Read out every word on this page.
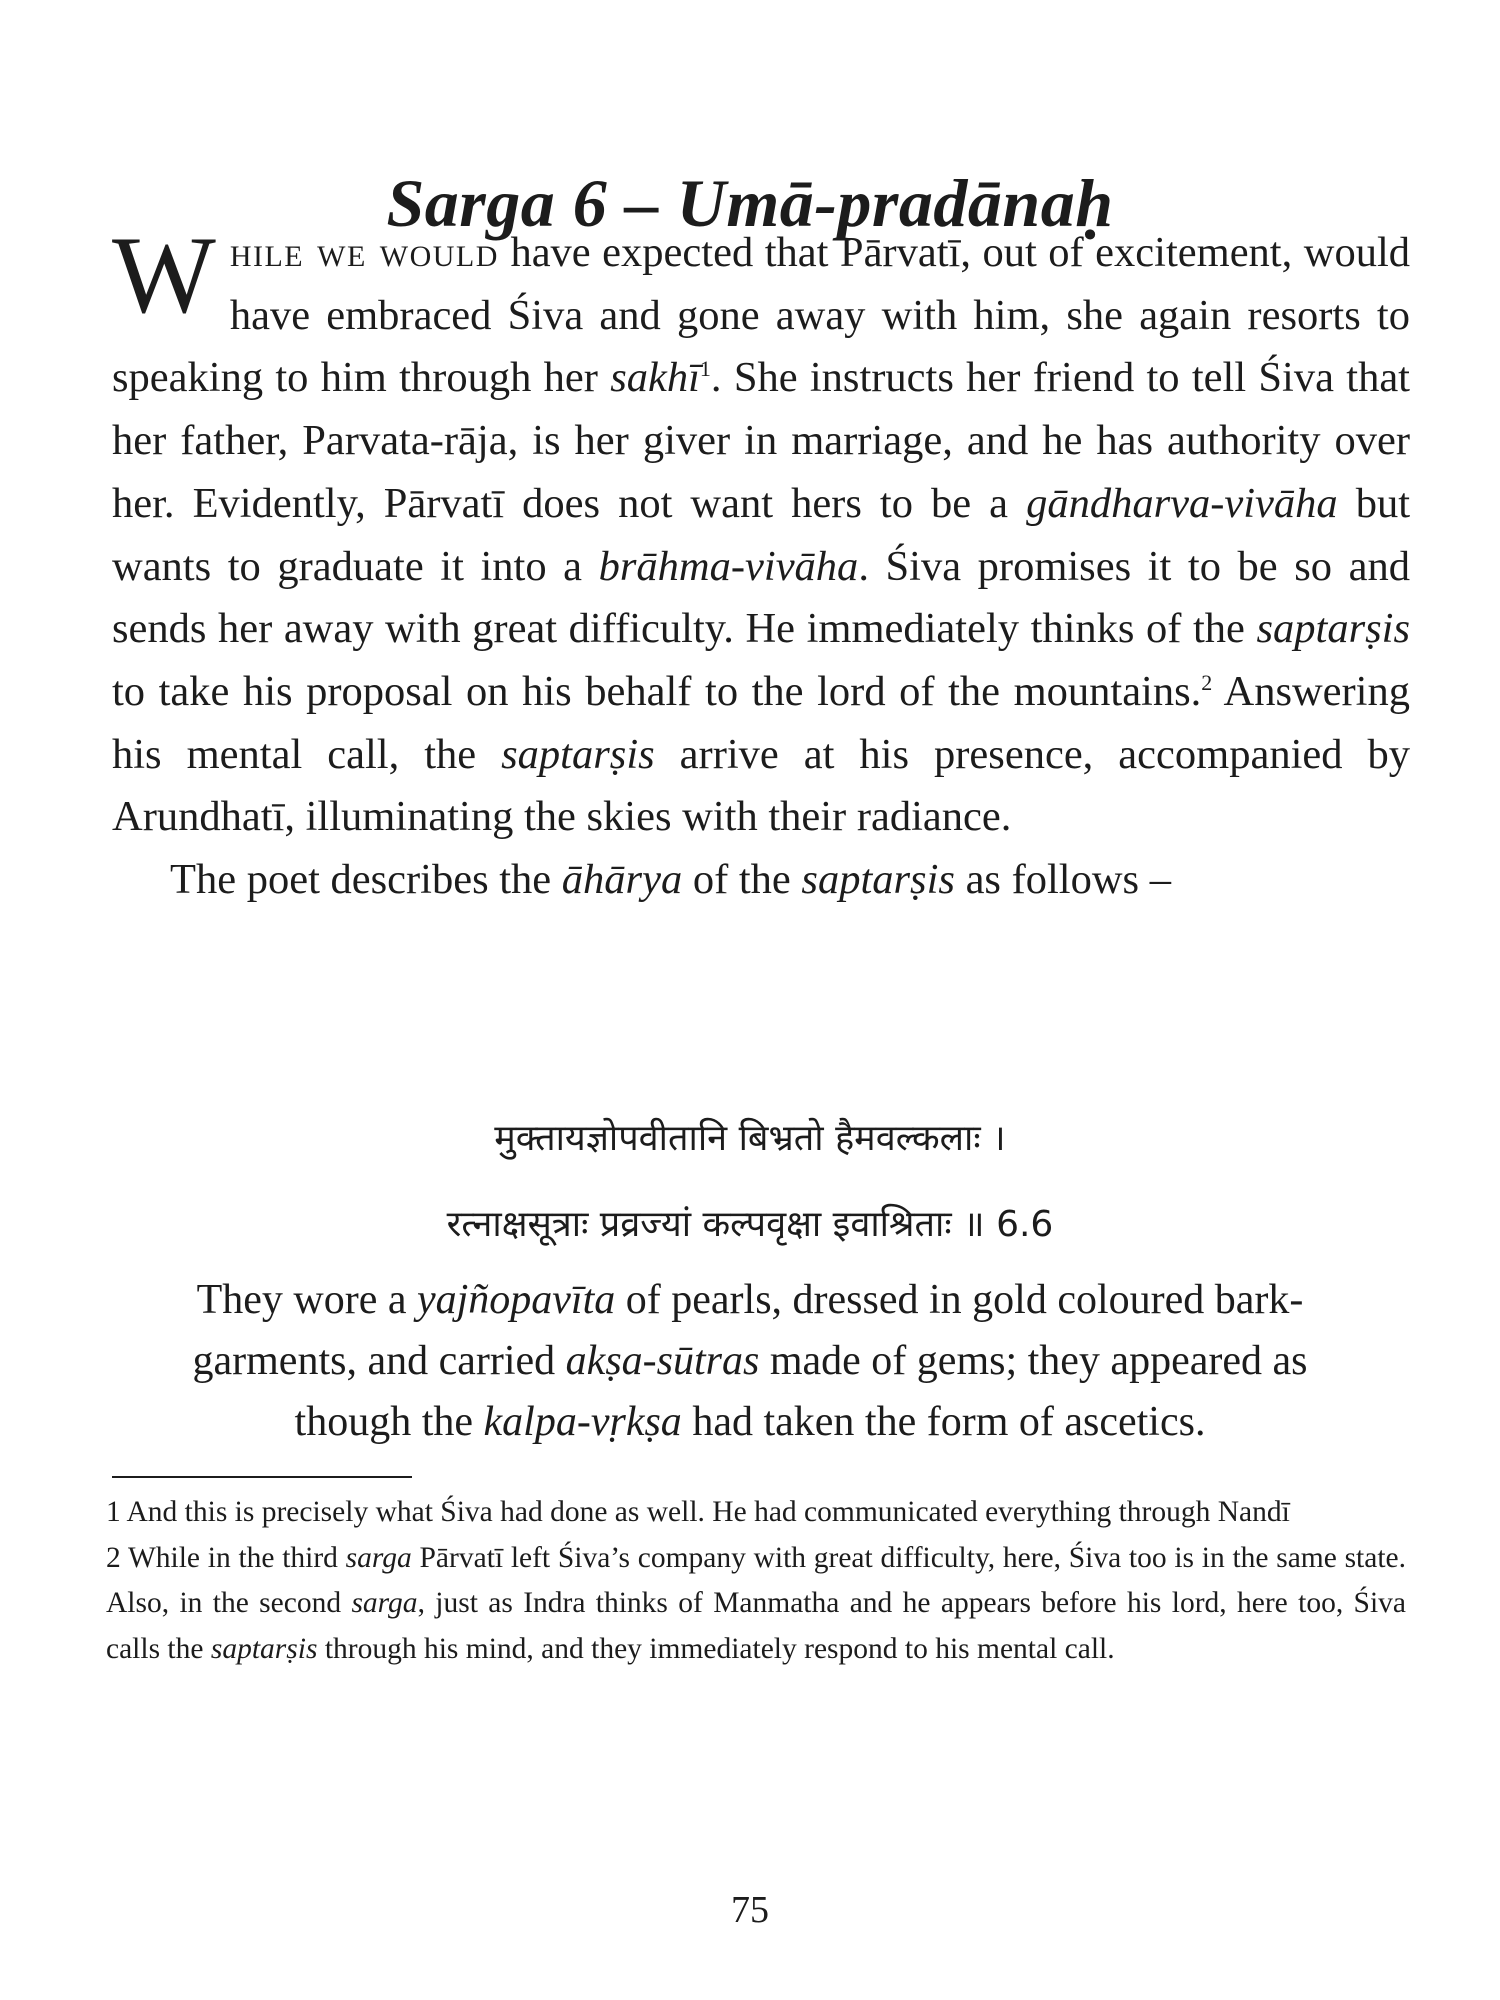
Sarga 6 – Umā-pradānaḥ

While we would have expected that Pārvatī, out of excitement, would have embraced Śiva and gone away with him, she again resorts to speaking to him through her sakhī$^1$. She instructs her friend to tell Śiva that her father, Parvata-rāja, is her giver in marriage, and he has authority over her. Evidently, Pārvatī does not want hers to be a gāndharva-vivāha but wants to graduate it into a brāhma-vivāha. Śiva promises it to be so and sends her away with great difficulty. He immediately thinks of the saptarṣis to take his proposal on his behalf to the lord of the mountains.$^2$ Answering his mental call, the saptarṣis arrive at his presence, accompanied by Arundhatī, illuminating the skies with their radiance.

The poet describes the āhārya of the saptarṣis as follows –

मुक्तायज्ञोपवीतानि बिभ्रतो हैमवल्कलाः ।
रत्नाक्षसूत्राः प्रव्रज्यां कल्पवृक्षा इवाश्रिताः ॥ 6.6
They wore a yajñopavīta of pearls, dressed in gold coloured bark-garments, and carried akṣa-sūtras made of gems; they appeared as though the kalpa-vṛkṣa had taken the form of ascetics.

1 And this is precisely what Śiva had done as well. He had communicated everything through Nandī

2 While in the third sarga Pārvatī left Śiva’s company with great difficulty, here, Śiva too is in the same state. Also, in the second sarga, just as Indra thinks of Manmatha and he appears before his lord, here too, Śiva calls the saptarṣis through his mind, and they immediately respond to his mental call.

75
